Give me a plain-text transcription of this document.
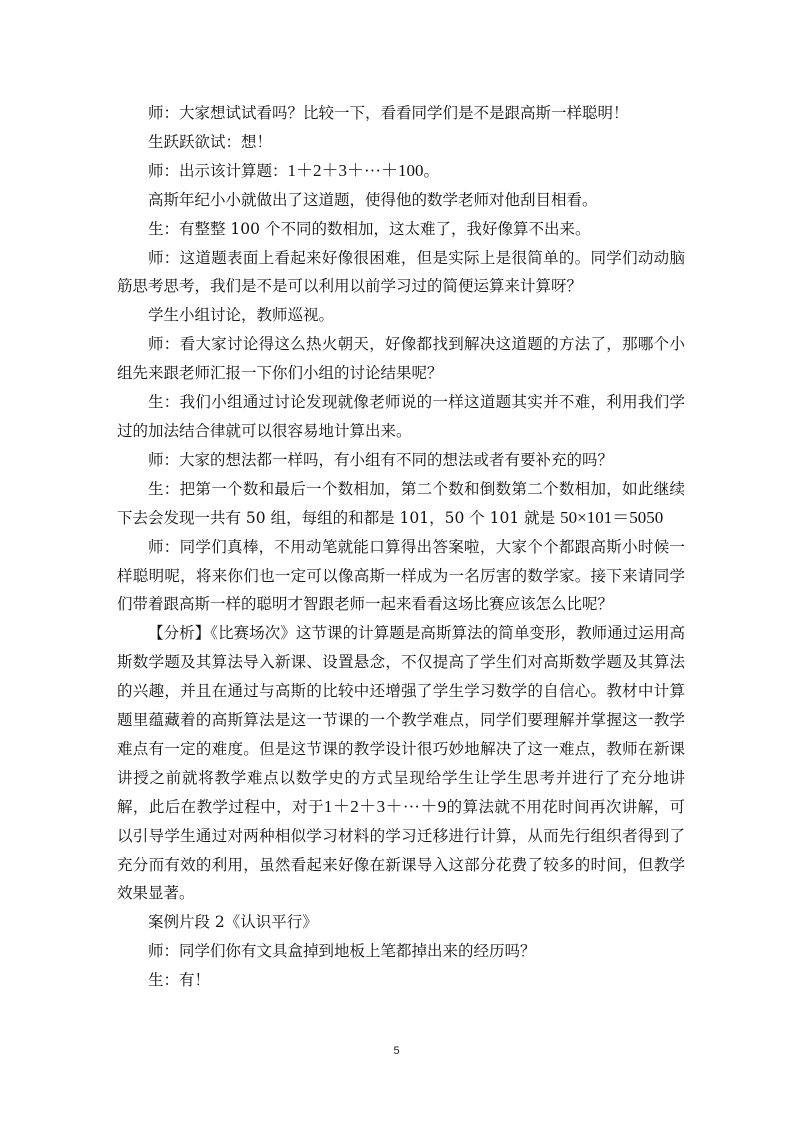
师：大家想试试看吗？比较一下，看看同学们是不是跟高斯一样聪明！

生跃跃欲试：想！

师：出示该计算题：1＋2＋3＋···＋100。

高斯年纪小小就做出了这道题，使得他的数学老师对他刮目相看。

生：有整整 100 个不同的数相加，这太难了，我好像算不出来。

师：这道题表面上看起来好像很困难，但是实际上是很简单的。同学们动动脑筋思考思考，我们是不是可以利用以前学习过的简便运算来计算呀？

学生小组讨论，教师巡视。

师：看大家讨论得这么热火朝天，好像都找到解决这道题的方法了，那哪个小组先来跟老师汇报一下你们小组的讨论结果呢？

生：我们小组通过讨论发现就像老师说的一样这道题其实并不难，利用我们学过的加法结合律就可以很容易地计算出来。

师：大家的想法都一样吗，有小组有不同的想法或者有要补充的吗？

生：把第一个数和最后一个数相加，第二个数和倒数第二个数相加，如此继续下去会发现一共有 50 组，每组的和都是 101，50 个 101 就是 50×101＝5050

师：同学们真棒，不用动笔就能口算得出答案啦，大家个个都跟高斯小时候一样聪明呢，将来你们也一定可以像高斯一样成为一名厉害的数学家。接下来请同学们带着跟高斯一样的聪明才智跟老师一起来看看这场比赛应该怎么比呢？

【分析】《比赛场次》这节课的计算题是高斯算法的简单变形，教师通过运用高斯数学题及其算法导入新课、设置悬念，不仅提高了学生们对高斯数学题及其算法的兴趣，并且在通过与高斯的比较中还增强了学生学习数学的自信心。教材中计算题里蕴藏着的高斯算法是这一节课的一个教学难点，同学们要理解并掌握这一教学难点有一定的难度。但是这节课的教学设计很巧妙地解决了这一难点，教师在新课讲授之前就将教学难点以数学史的方式呈现给学生让学生思考并进行了充分地讲解，此后在教学过程中，对于1＋2＋3＋···＋9的算法就不用花时间再次讲解，可以引导学生通过对两种相似学习材料的学习迁移进行计算，从而先行组织者得到了充分而有效的利用，虽然看起来好像在新课导入这部分花费了较多的时间，但教学效果显著。

案例片段 2《认识平行》

师：同学们你有文具盒掉到地板上笔都掉出来的经历吗？

生：有！

5
